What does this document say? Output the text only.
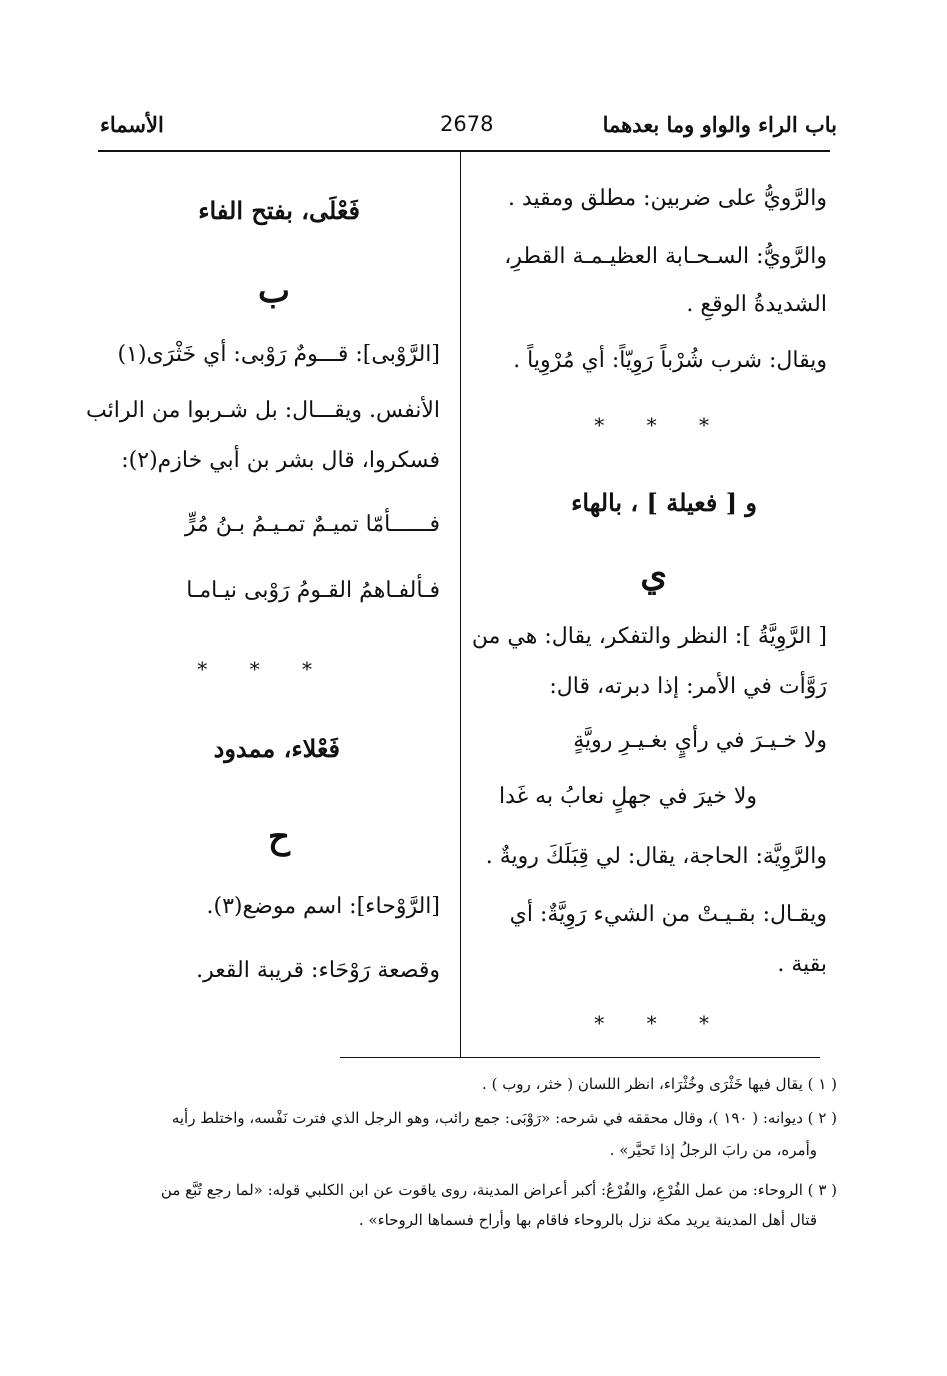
باب الراء والواو وما بعدهما
2678
الأسماء
والرَّويُّ على ضربين: مطلق ومقيد .
والرَّويُّ: السـحـابة العظيـمـة القطرِ،
الشديدةُ الوقعِ .
ويقال: شرب شُرْباً رَوِيّاً: أي مُرْوِياً .
* * *
و [ فعيلة ] ، بالهاء
ي
[ الرَّوِيَّةُ ]: النظر والتفكر، يقال: هي من
رَوَّأت في الأمر: إذا دبرته، قال:
ولا خـيـرَ في رأيٍ بغـيـرِ رويَّةٍ
ولا خيرَ في جهلٍ نعابُ به غَدا
والرَّوِيَّة: الحاجة، يقال: لي قِبَلَكَ رويةٌ .
ويقـال: بقـيـتْ من الشيء رَوِيَّةٌ: أي
بقية .
* * *
فَعْلَى، بفتح الفاء
ب
[الرَّوْبى]: قـــومٌ رَوْبى: أي خَثْرَى(١)
الأنفس. ويقـــال: بل شـربوا من الرائب
فسكروا، قال بشر بن أبي خازم(٢):
فــــــأمّا تميـمٌ تمـيـمُ بـنُ مُرٍّ
فـألفـاهمُ القـومُ رَوْبى نيـامـا
* * *
فَعْلاء، ممدود
ح
[الرَّوْحاء]: اسم موضع(٣).
وقصعة رَوْحَاء: قريبة القعر.
( ١ ) يقال فيها خَثْرَى وخُثْرَاء، انظر اللسان ( خثر، روب ) .
( ٢ ) ديوانه: ( ١٩٠ )، وقال محققه في شرحه: «رَوْبَى: جمع رائب، وهو الرجل الذي فترت نَفْسه، واختلط رأيه
وأمره، من رابَ الرجلُ إذا تَحيَّر» .
( ٣ ) الروحاء: من عمل الفُرْعِ، والفُرْعُ: أكبر أعراض المدينة، روى ياقوت عن ابن الكلبي قوله: «لما رجع تُبَّع من
قتال أهل المدينة يريد مكة نزل بالروحاء فاقام بها وأراح فسماها الروحاء» .
